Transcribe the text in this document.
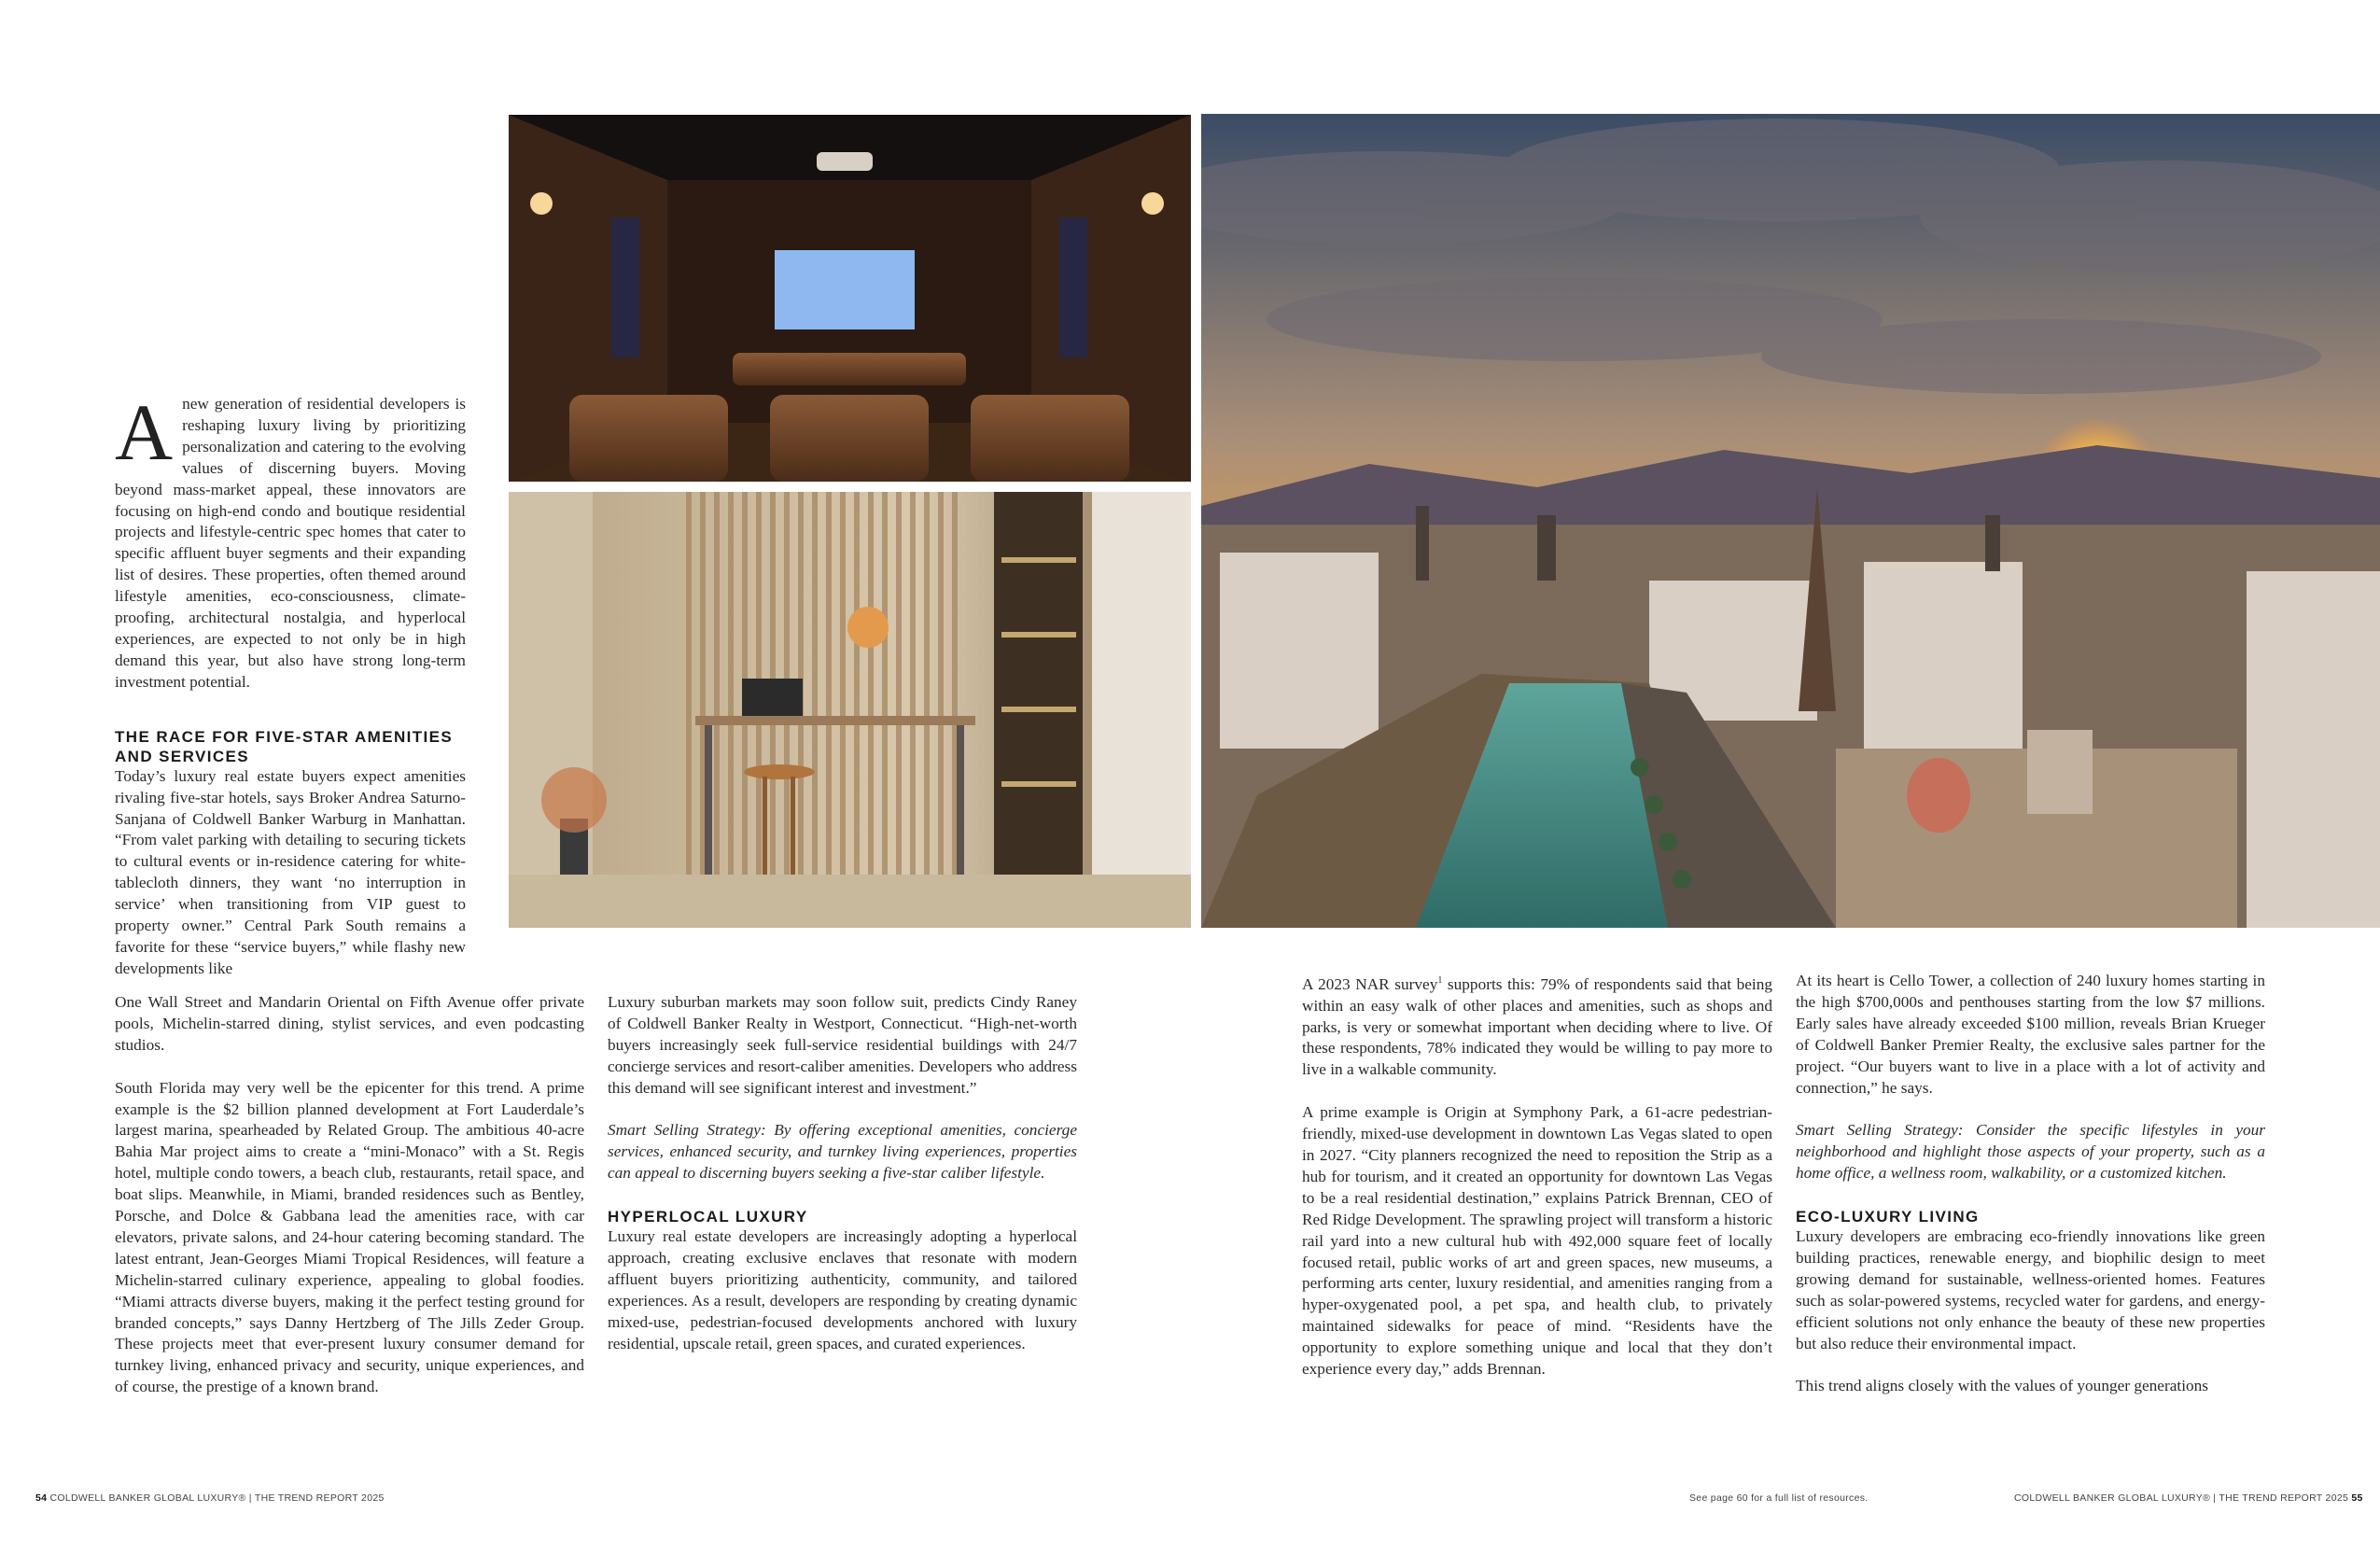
A new generation of residential developers is reshaping luxury living by prioritizing personalization and catering to the evolving values of discerning buyers. Moving beyond mass-market appeal, these innovators are focusing on high-end condo and boutique residential projects and lifestyle-centric spec homes that cater to specific affluent buyer segments and their expanding list of desires. These properties, often themed around lifestyle amenities, eco-consciousness, climate-proofing, architectural nostalgia, and hyperlocal experiences, are expected to not only be in high demand this year, but also have strong long-term investment potential.

THE RACE FOR FIVE-STAR AMENITIES
AND SERVICES

Today’s luxury real estate buyers expect amenities rivaling five-star hotels, says Broker Andrea Saturno-Sanjana of Coldwell Banker Warburg in Manhattan. “From valet parking with detailing to securing tickets to cultural events or in-residence catering for white-tablecloth dinners, they want ‘no interruption in service’ when transitioning from VIP guest to property owner.” Central Park South remains a favorite for these “service buyers,” while flashy new developments like

One Wall Street and Mandarin Oriental on Fifth Avenue offer private pools, Michelin-starred dining, stylist services, and even podcasting studios.

South Florida may very well be the epicenter for this trend. A prime example is the $2 billion planned development at Fort Lauderdale’s largest marina, spearheaded by Related Group. The ambitious 40-acre Bahia Mar project aims to create a “mini-Monaco” with a St. Regis hotel, multiple condo towers, a beach club, restaurants, retail space, and boat slips. Meanwhile, in Miami, branded residences such as Bentley, Porsche, and Dolce & Gabbana lead the amenities race, with car elevators, private salons, and 24-hour catering becoming standard. The latest entrant, Jean-Georges Miami Tropical Residences, will feature a Michelin-starred culinary experience, appealing to global foodies. “Miami attracts diverse buyers, making it the perfect testing ground for branded concepts,” says Danny Hertzberg of The Jills Zeder Group. These projects meet that ever-present luxury consumer demand for turnkey living, enhanced privacy and security, unique experiences, and of course, the prestige of a known brand.

Luxury suburban markets may soon follow suit, predicts Cindy Raney of Coldwell Banker Realty in Westport, Connecticut. “High-net-worth buyers increasingly seek full-service residential buildings with 24/7 concierge services and resort-caliber amenities. Developers who address this demand will see significant interest and investment.”

Smart Selling Strategy: By offering exceptional amenities, concierge services, enhanced security, and turnkey living experiences, properties can appeal to discerning buyers seeking a five-star caliber lifestyle.

HYPERLOCAL LUXURY

Luxury real estate developers are increasingly adopting a hyperlocal approach, creating exclusive enclaves that resonate with modern affluent buyers prioritizing authenticity, community, and tailored experiences. As a result, developers are responding by creating dynamic mixed-use, pedestrian-focused developments anchored with luxury residential, upscale retail, green spaces, and curated experiences.

A 2023 NAR survey$^1$ supports this: 79% of respondents said that being within an easy walk of other places and amenities, such as shops and parks, is very or somewhat important when deciding where to live. Of these respondents, 78% indicated they would be willing to pay more to live in a walkable community.

A prime example is Origin at Symphony Park, a 61-acre pedestrian-friendly, mixed-use development in downtown Las Vegas slated to open in 2027. “City planners recognized the need to reposition the Strip as a hub for tourism, and it created an opportunity for downtown Las Vegas to be a real residential destination,” explains Patrick Brennan, CEO of Red Ridge Development. The sprawling project will transform a historic rail yard into a new cultural hub with 492,000 square feet of locally focused retail, public works of art and green spaces, new museums, a performing arts center, luxury residential, and amenities ranging from a hyper-oxygenated pool, a pet spa, and health club, to privately maintained sidewalks for peace of mind. “Residents have the opportunity to explore something unique and local that they don’t experience every day,” adds Brennan.

At its heart is Cello Tower, a collection of 240 luxury homes starting in the high $700,000s and penthouses starting from the low $7 millions. Early sales have already exceeded $100 million, reveals Brian Krueger of Coldwell Banker Premier Realty, the exclusive sales partner for the project. “Our buyers want to live in a place with a lot of activity and connection,” he says.

Smart Selling Strategy: Consider the specific lifestyles in your neighborhood and highlight those aspects of your property, such as a home office, a wellness room, walkability, or a customized kitchen.

ECO-LUXURY LIVING

Luxury developers are embracing eco-friendly innovations like green building practices, renewable energy, and biophilic design to meet growing demand for sustainable, wellness-oriented homes. Features such as solar-powered systems, recycled water for gardens, and energy-efficient solutions not only enhance the beauty of these new properties but also reduce their environmental impact.

This trend aligns closely with the values of younger generations

54 COLDWELL BANKER GLOBAL LUXURY® | THE TREND REPORT 2025	See page 60 for a full list of resources.	COLDWELL BANKER GLOBAL LUXURY® | THE TREND REPORT 2025 55
